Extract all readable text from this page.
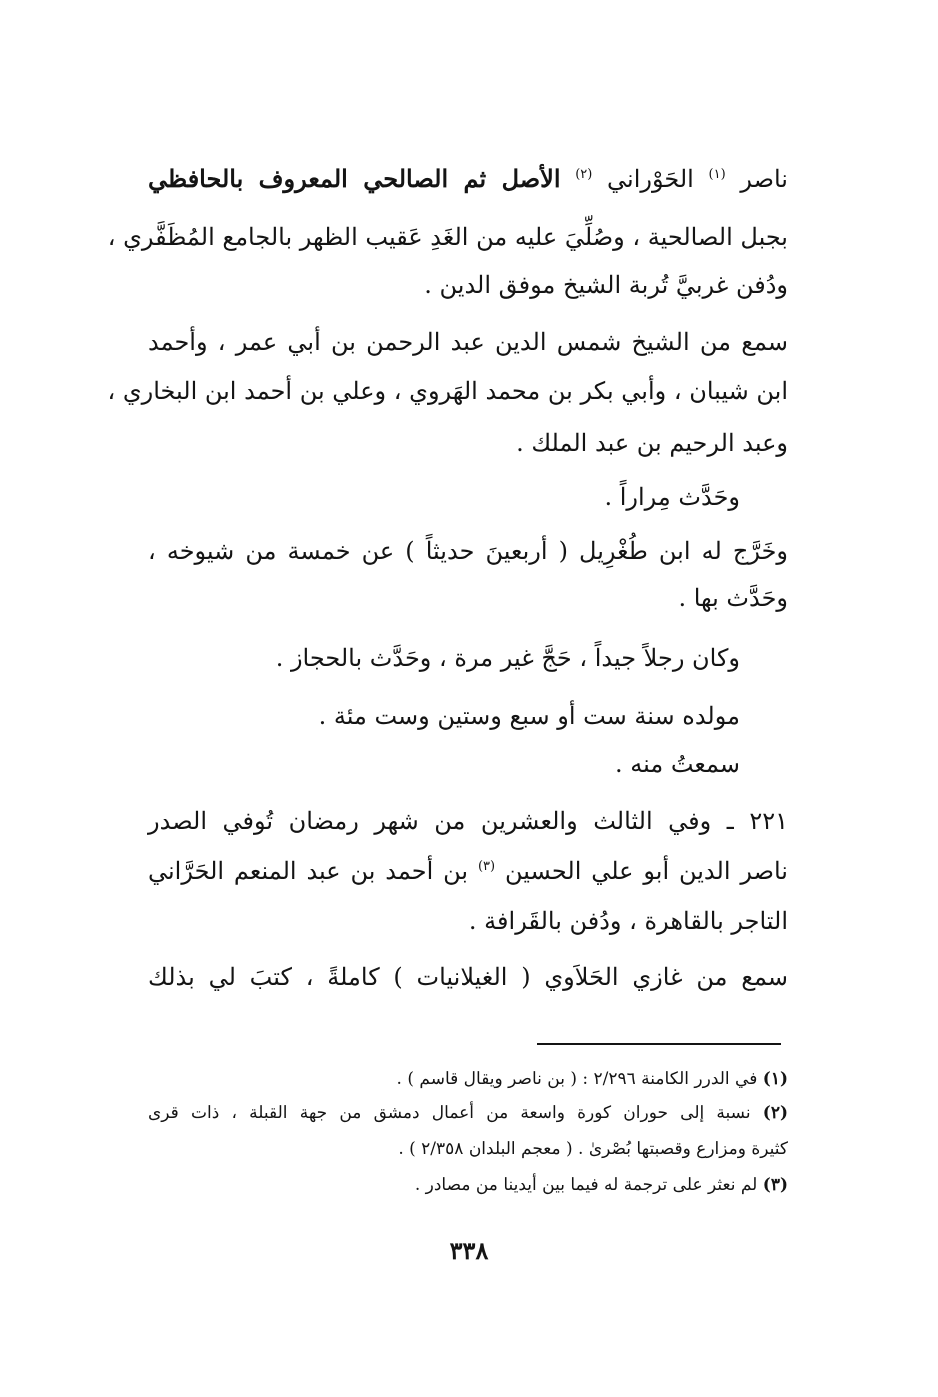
ناصر $^{(١)}$ الحَوْراني $^{(٢)}$ الأصل ثم الصالحي المعروف بالحافظي
بجبل الصالحية ، وصُلِّيَ عليه من الغَدِ عَقيب الظهر بالجامع المُظَفَّري ،
ودُفن غربيَّ تُربة الشيخ موفق الدين .
سمع من الشيخ شمس الدين عبد الرحمن بن أبي عمر ، وأحمد
ابن شيبان ، وأبي بكر بن محمد الهَروي ، وعلي بن أحمد ابن البخاري ،
وعبد الرحيم بن عبد الملك .
وحَدَّث مِراراً .
وخَرَّج له ابن طُغْرِيل ( أربعينَ حديثاً ) عن خمسة من شيوخه ،
وحَدَّث بها .
وكان رجلاً جيداً ، حَجَّ غير مرة ، وحَدَّث بالحجاز .
مولده سنة ست أو سبع وستين وست مئة .
سمعتُ منه .
٢٢١ ـ وفي الثالث والعشرين من شهر رمضان تُوفي الصدر
ناصر الدين أبو علي الحسين $^{(٣)}$ بن أحمد بن عبد المنعم الحَرَّاني
التاجر بالقاهرة ، ودُفن بالقَرافة .
سمع من غازي الحَلاَوي ( الغيلانيات ) كاملةً ، كتبَ لي بذلك
(١) في الدرر الكامنة ٢/٢٩٦ : ( بن ناصر ويقال قاسم ) .
(٢) نسبة إلى حوران كورة واسعة من أعمال دمشق من جهة القبلة ، ذات قرى
كثيرة ومزارع وقصبتها بُصْرىٰ . ( معجم البلدان ٢/٣٥٨ ) .
(٣) لم نعثر على ترجمة له فيما بين أيدينا من مصادر .
٣٣٨
